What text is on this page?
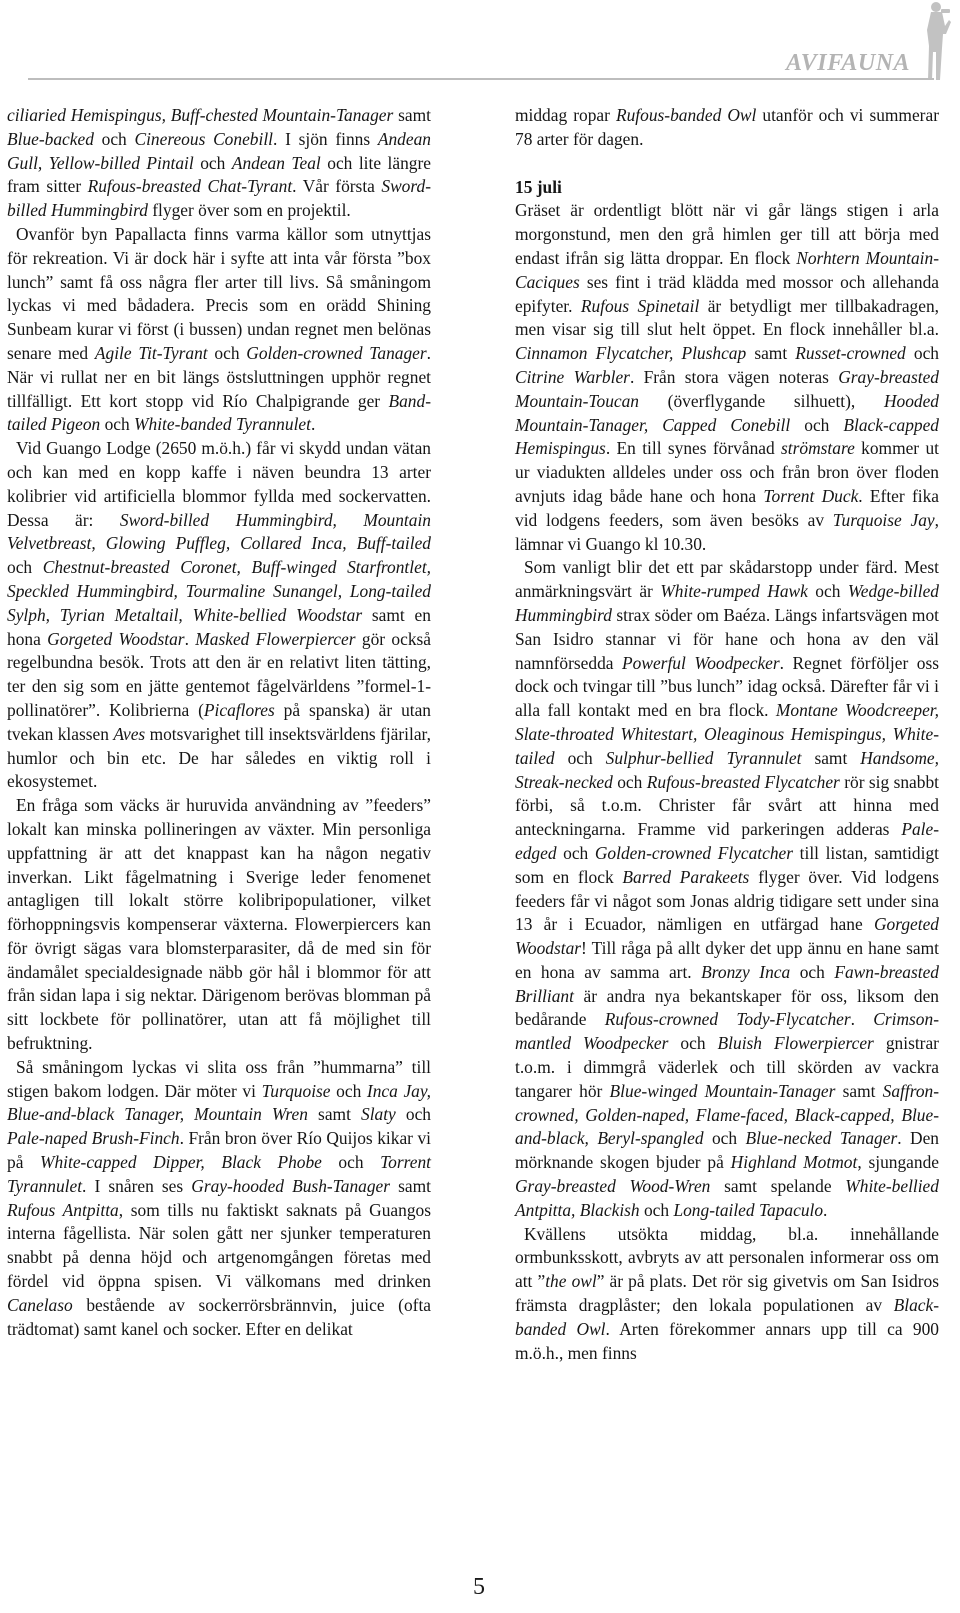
AVIFAUNA

ciliaried Hemispingus, Buff-chested Mountain-Tanager samt Blue-backed och Cinereous Conebill. I sjön finns Andean Gull, Yellow-billed Pintail och Andean Teal och lite längre fram sitter Rufous-breasted Chat-Tyrant. Vår första Sword-billed Hummingbird flyger över som en projektil.

Ovanför byn Papallacta finns varma källor som utnyttjas för rekreation. Vi är dock här i syfte att inta vår första ”box lunch” samt få oss några fler arter till livs. Så småningom lyckas vi med bådadera. Precis som en orädd Shining Sunbeam kurar vi först (i bussen) undan regnet men belönas senare med Agile Tit-Tyrant och Golden-crowned Tanager. När vi rullat ner en bit längs östsluttningen upphör regnet tillfälligt. Ett kort stopp vid Río Chalpigrande ger Band-tailed Pigeon och White-banded Tyrannulet.

Vid Guango Lodge (2650 m.ö.h.) får vi skydd undan vätan och kan med en kopp kaffe i näven beundra 13 arter kolibrier vid artificiella blommor fyllda med sockervatten. Dessa är: Sword-billed Hummingbird, Mountain Velvetbreast, Glowing Puffleg, Collared Inca, Buff-tailed och Chestnut-breasted Coronet, Buff-winged Starfrontlet, Speckled Hummingbird, Tourmaline Sunangel, Long-tailed Sylph, Tyrian Metaltail, White-bellied Woodstar samt en hona Gorgeted Woodstar. Masked Flowerpiercer gör också regelbundna besök. Trots att den är en relativt liten tätting, ter den sig som en jätte gentemot fågelvärldens ”formel-1-pollinatörer”. Kolibrierna (Picaflores på spanska) är utan tvekan klassen Aves motsvarighet till insektsvärldens fjärilar, humlor och bin etc. De har således en viktig roll i ekosystemet.

En fråga som väcks är huruvida användning av ”feeders” lokalt kan minska pollineringen av växter. Min personliga uppfattning är att det knappast kan ha någon negativ inverkan. Likt fågelmatning i Sverige leder fenomenet antagligen till lokalt större kolibripopulationer, vilket förhoppningsvis kompenserar växterna. Flowerpiercers kan för övrigt sägas vara blomsterparasiter, då de med sin för ändamålet specialdesignade näbb gör hål i blommor för att från sidan lapa i sig nektar. Därigenom berövas blomman på sitt lockbete för pollinatörer, utan att få möjlighet till befruktning.

Så småningom lyckas vi slita oss från ”hummarna” till stigen bakom lodgen. Där möter vi Turquoise och Inca Jay, Blue-and-black Tanager, Mountain Wren samt Slaty och Pale-naped Brush-Finch. Från bron över Río Quijos kikar vi på White-capped Dipper, Black Phobe och Torrent Tyrannulet. I snåren ses Gray-hooded Bush-Tanager samt Rufous Antpitta, som tills nu faktiskt saknats på Guangos interna fågellista. När solen gått ner sjunker temperaturen snabbt på denna höjd och artgenomgången företas med fördel vid öppna spisen. Vi välkomans med drinken Canelaso bestående av sockerrörsbrännvin, juice (ofta trädtomat) samt kanel och socker. Efter en delikat

middag ropar Rufous-banded Owl utanför och vi summerar 78 arter för dagen.

15 juli

Gräset är ordentligt blött när vi går längs stigen i arla morgonstund, men den grå himlen ger till att börja med endast ifrån sig lätta droppar. En flock Norhtern Mountain-Caciques ses fint i träd klädda med mossor och allehanda epifyter. Rufous Spinetail är betydligt mer tillbakadragen, men visar sig till slut helt öppet. En flock innehåller bl.a. Cinnamon Flycatcher, Plushcap samt Russet-crowned och Citrine Warbler. Från stora vägen noteras Gray-breasted Mountain-Toucan (överflygande silhuett), Hooded Mountain-Tanager, Capped Conebill och Black-capped Hemispingus. En till synes förvånad strömstare kommer ut ur viadukten alldeles under oss och från bron över floden avnjuts idag både hane och hona Torrent Duck. Efter fika vid lodgens feeders, som även besöks av Turquoise Jay, lämnar vi Guango kl 10.30.

Som vanligt blir det ett par skådarstopp under färd. Mest anmärkningsvärt är White-rumped Hawk och Wedge-billed Hummingbird strax söder om Baéza. Längs infartsvägen mot San Isidro stannar vi för hane och hona av den väl namnförsedda Powerful Woodpecker. Regnet förföljer oss dock och tvingar till ”bus lunch” idag också. Därefter får vi i alla fall kontakt med en bra flock. Montane Woodcreeper, Slate-throated Whitestart, Oleaginous Hemispingus, White-tailed och Sulphur-bellied Tyrannulet samt Handsome, Streak-necked och Rufous-breasted Flycatcher rör sig snabbt förbi, så t.o.m. Christer får svårt att hinna med anteckningarna. Framme vid parkeringen adderas Pale-edged och Golden-crowned Flycatcher till listan, samtidigt som en flock Barred Parakeets flyger över. Vid lodgens feeders får vi något som Jonas aldrig tidigare sett under sina 13 år i Ecuador, nämligen en utfärgad hane Gorgeted Woodstar! Till råga på allt dyker det upp ännu en hane samt en hona av samma art. Bronzy Inca och Fawn-breasted Brilliant är andra nya bekantskaper för oss, liksom den bedårande Rufous-crowned Tody-Flycatcher. Crimson-mantled Woodpecker och Bluish Flowerpiercer gnistrar t.o.m. i dimmgrå väderlek och till skörden av vackra tangarer hör Blue-winged Mountain-Tanager samt Saffron-crowned, Golden-naped, Flame-faced, Black-capped, Blue-and-black, Beryl-spangled och Blue-necked Tanager. Den mörknande skogen bjuder på Highland Motmot, sjungande Gray-breasted Wood-Wren samt spelande White-bellied Antpitta, Blackish och Long-tailed Tapaculo.

Kvällens utsökta middag, bl.a. innehållande ormbunksskott, avbryts av att personalen informerar oss om att ”the owl” är på plats. Det rör sig givetvis om San Isidros främsta dragplåster; den lokala populationen av Black-banded Owl. Arten förekommer annars upp till ca 900 m.ö.h., men finns

5
